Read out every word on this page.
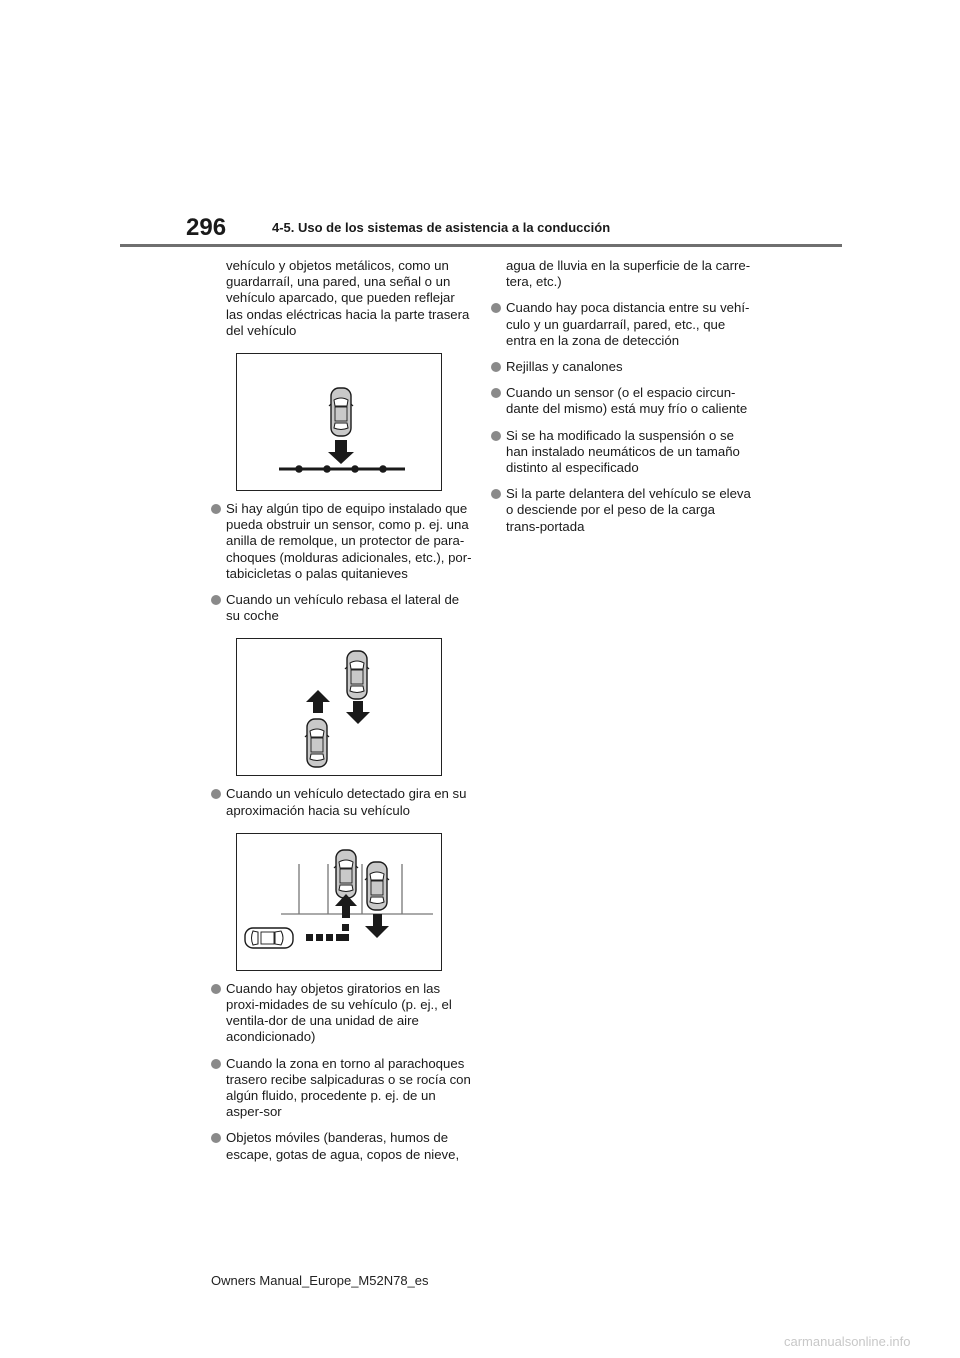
296	4-5. Uso de los sistemas de asistencia a la conducción

vehículo y objetos metálicos, como un guardarraíl, una pared, una señal o un vehículo aparcado, que pueden reflejar las ondas eléctricas hacia la parte trasera del vehículo

Si hay algún tipo de equipo instalado que pueda obstruir un sensor, como p. ej. una anilla de remolque, un protector de para-choques (molduras adicionales, etc.), por-tabicicletas o palas quitanieves
Cuando un vehículo rebasa el lateral de su coche
Cuando un vehículo detectado gira en su aproximación hacia su vehículo
Cuando hay objetos giratorios en las proxi-midades de su vehículo (p. ej., el ventila-dor de una unidad de aire acondicionado)
Cuando la zona en torno al parachoques trasero recibe salpicaduras o se rocía con algún fluido, procedente p. ej. de un asper-sor
Objetos móviles (banderas, humos de escape, gotas de agua, copos de nieve,

agua de lluvia en la superficie de la carre-tera, etc.)

Cuando hay poca distancia entre su vehí-culo y un guardarraíl, pared, etc., que entra en la zona de detección
Rejillas y canalones
Cuando un sensor (o el espacio circun-dante del mismo) está muy frío o caliente
Si se ha modificado la suspensión o se han instalado neumáticos de un tamaño distinto al especificado
Si la parte delantera del vehículo se eleva o desciende por el peso de la carga trans-portada
Owners Manual_Europe_M52N78_es
carmanualsonline.info
